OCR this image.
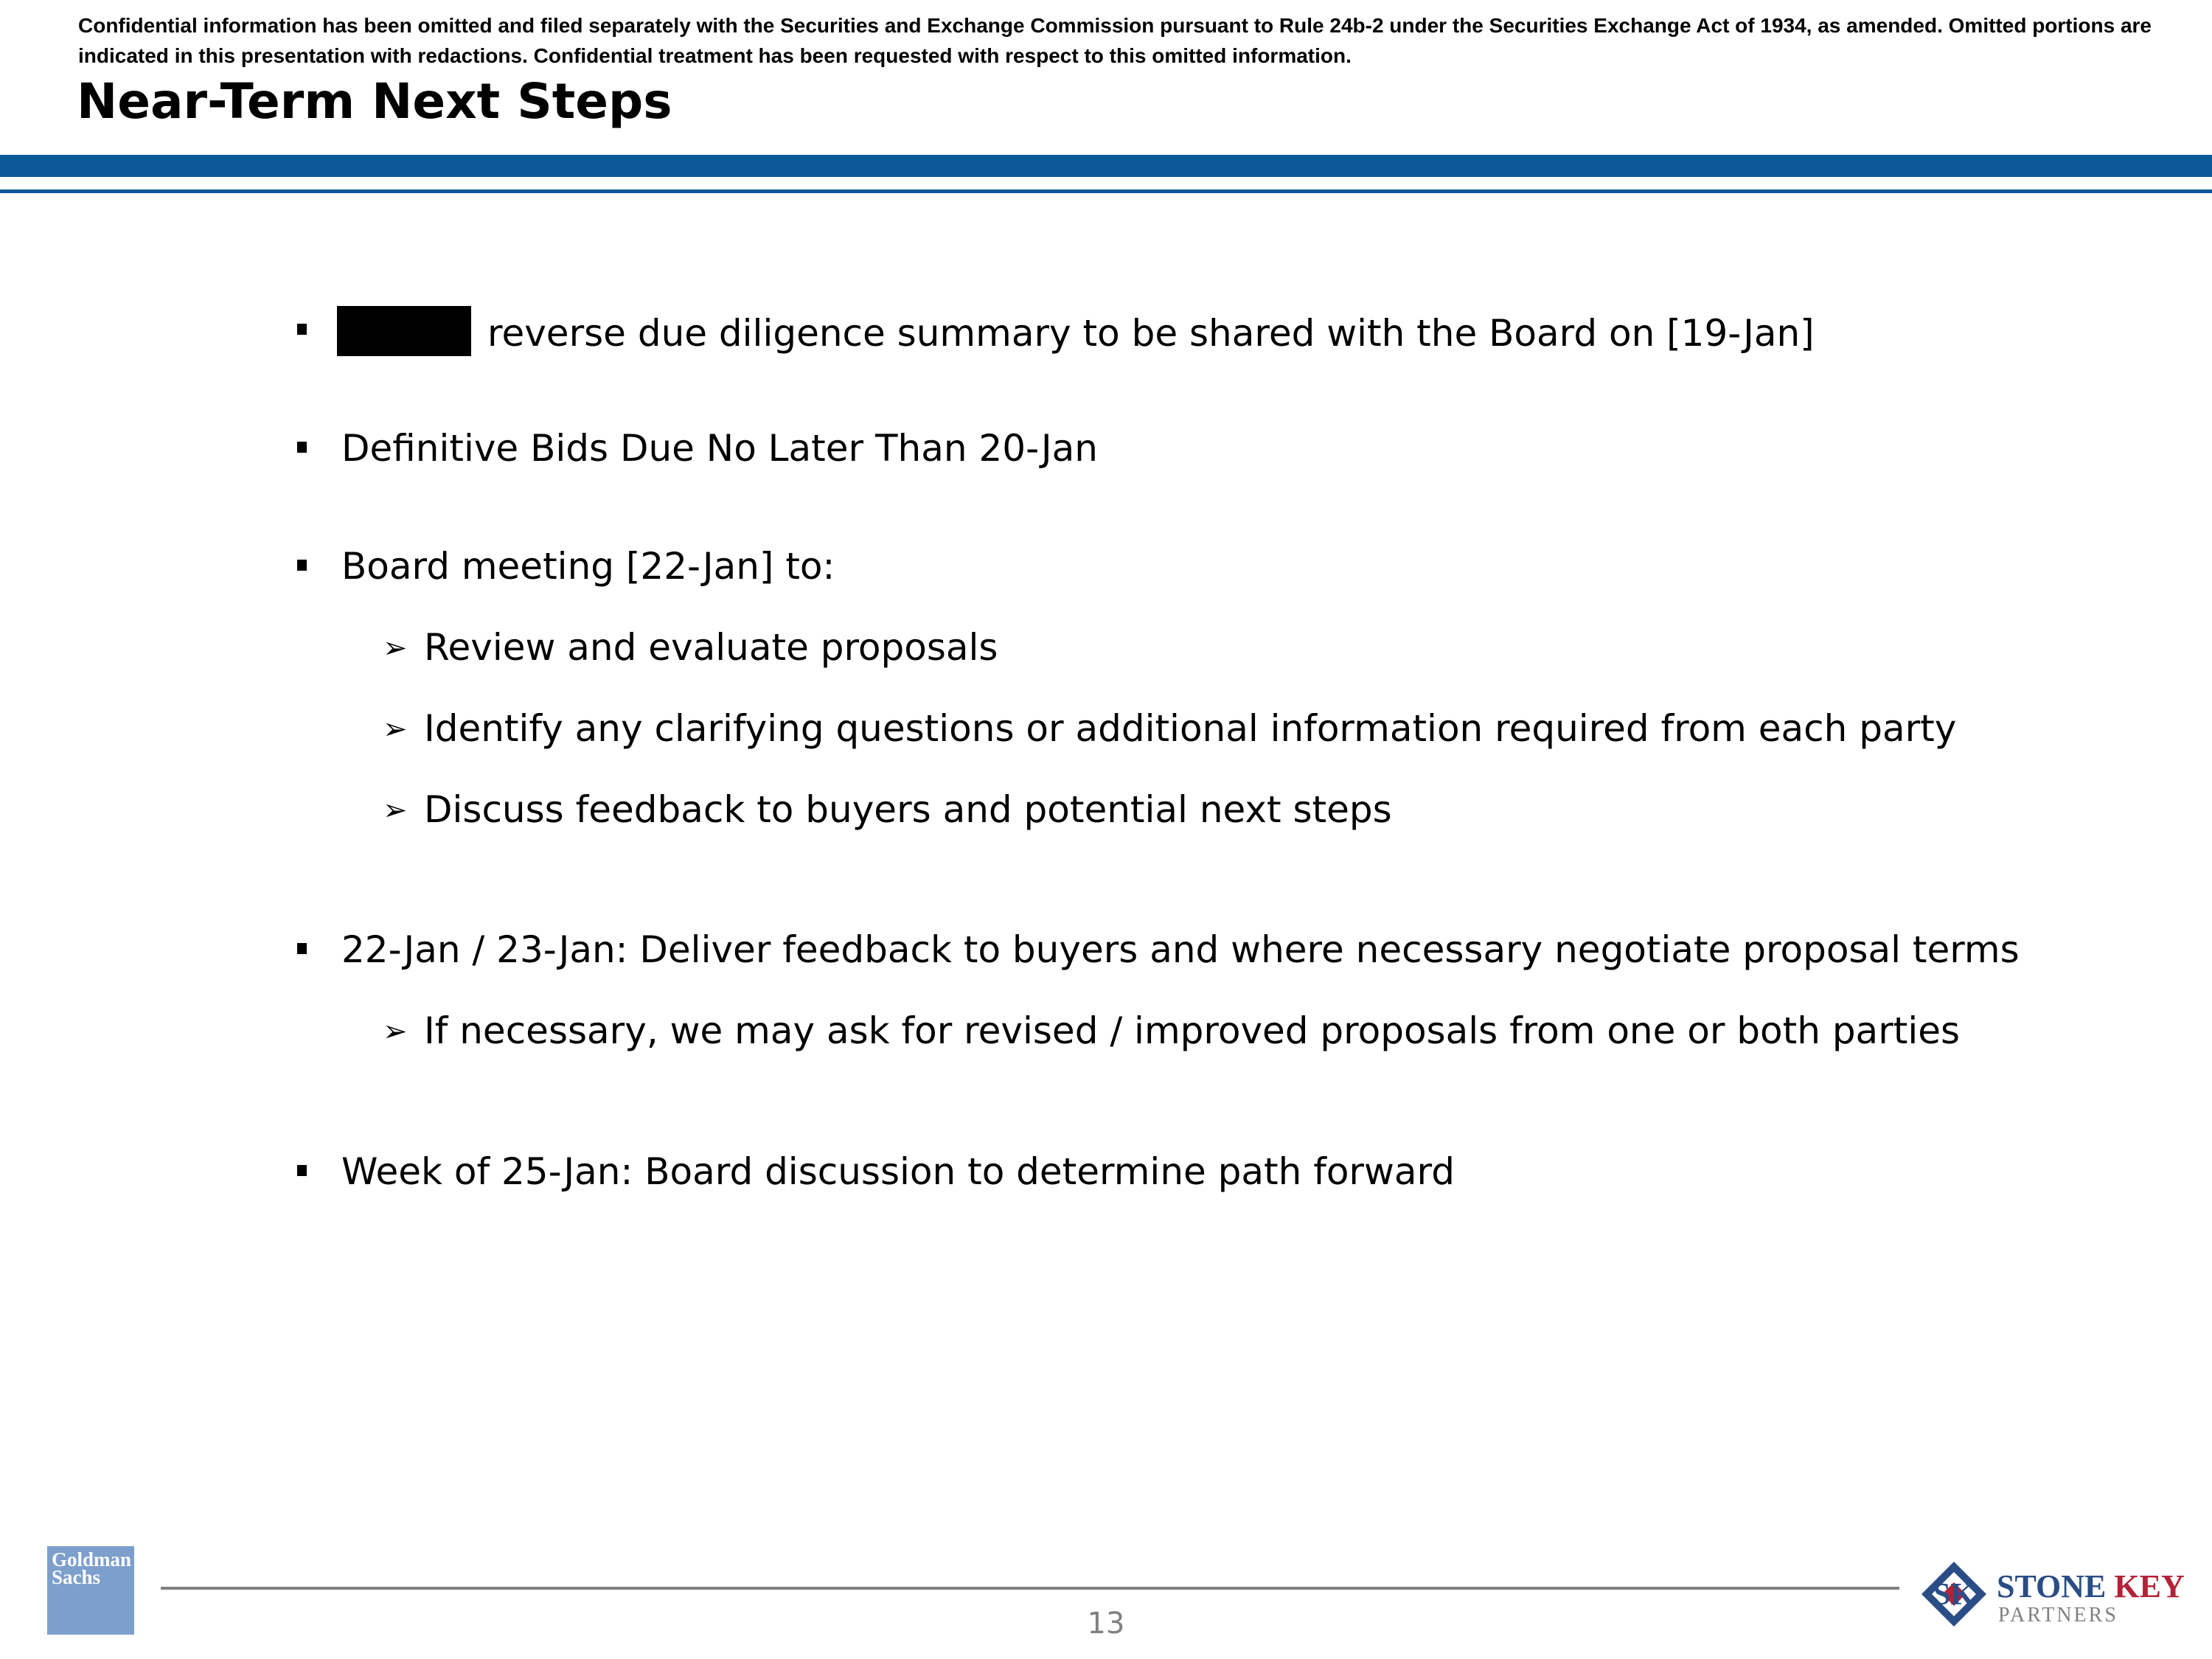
Confidential information has been omitted and filed separately with the Securities and Exchange Commission pursuant to Rule 24b-2 under the Securities Exchange Act of 1934, as amended. Omitted portions are indicated in this presentation with redactions. Confidential treatment has been requested with respect to this omitted information.

Near-Term Next Steps
reverse due diligence summary to be shared with the Board on [19-Jan]
Definitive Bids Due No Later Than 20-Jan
Board meeting [22-Jan] to:
➢ Review and evaluate proposals
➢ Identify any clarifying questions or additional information required from each party
➢ Discuss feedback to buyers and potential next steps
22-Jan / 23-Jan: Deliver feedback to buyers and where necessary negotiate proposal terms
➢ If necessary, we may ask for revised / improved proposals from one or both parties
Week of 25-Jan: Board discussion to determine path forward
Goldman
Sachs
13
SK STONE KEY
PARTNERS
